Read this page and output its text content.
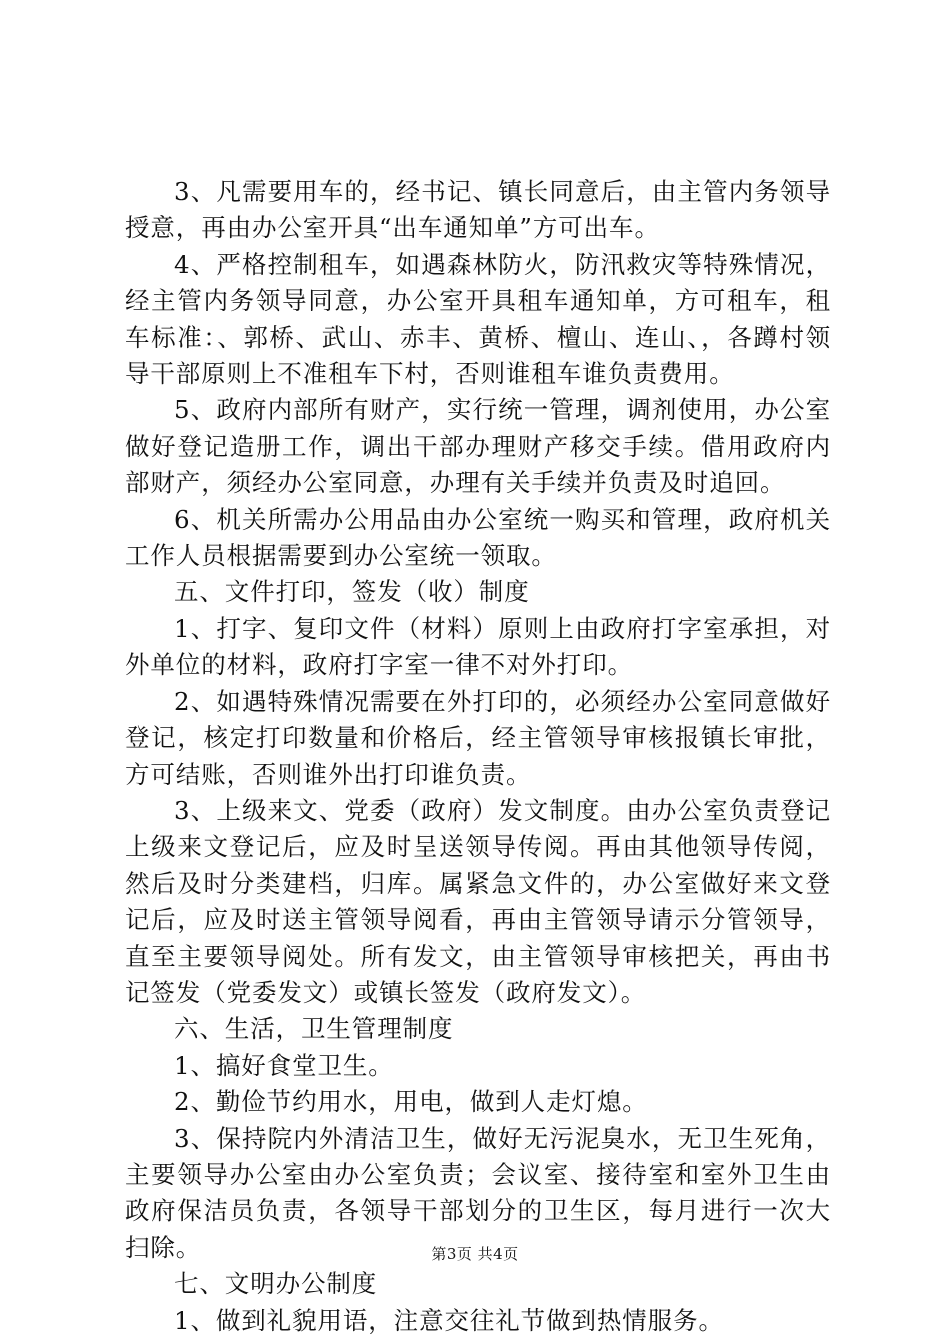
3、凡需要用车的，经书记、镇长同意后，由主管内务领导授意，再由办公室开具“出车通知单”方可出车。

4、严格控制租车，如遇森林防火，防汛救灾等特殊情况，经主管内务领导同意，办公室开具租车通知单，方可租车，租车标准：、郭桥、武山、赤丰、黄桥、檀山、连山、，各蹲村领导干部原则上不准租车下村，否则谁租车谁负责费用。

5、政府内部所有财产，实行统一管理，调剂使用，办公室做好登记造册工作，调出干部办理财产移交手续。借用政府内部财产，须经办公室同意，办理有关手续并负责及时追回。

6、机关所需办公用品由办公室统一购买和管理，政府机关工作人员根据需要到办公室统一领取。

五、文件打印，签发（收）制度

1、打字、复印文件（材料）原则上由政府打字室承担，对外单位的材料，政府打字室一律不对外打印。

2、如遇特殊情况需要在外打印的，必须经办公室同意做好登记，核定打印数量和价格后，经主管领导审核报镇长审批，方可结账，否则谁外出打印谁负责。

3、上级来文、党委（政府）发文制度。由办公室负责登记上级来文登记后，应及时呈送领导传阅。再由其他领导传阅，然后及时分类建档，归库。属紧急文件的，办公室做好来文登记后，应及时送主管领导阅看，再由主管领导请示分管领导，直至主要领导阅处。所有发文，由主管领导审核把关，再由书记签发（党委发文）或镇长签发（政府发文）。

六、生活，卫生管理制度

1、搞好食堂卫生。

2、勤俭节约用水，用电，做到人走灯熄。

3、保持院内外清洁卫生，做好无污泥臭水，无卫生死角，主要领导办公室由办公室负责；会议室、接待室和室外卫生由政府保洁员负责，各领导干部划分的卫生区，每月进行一次大扫除。

七、文明办公制度

1、做到礼貌用语，注意交往礼节做到热情服务。

第3页 共4页
